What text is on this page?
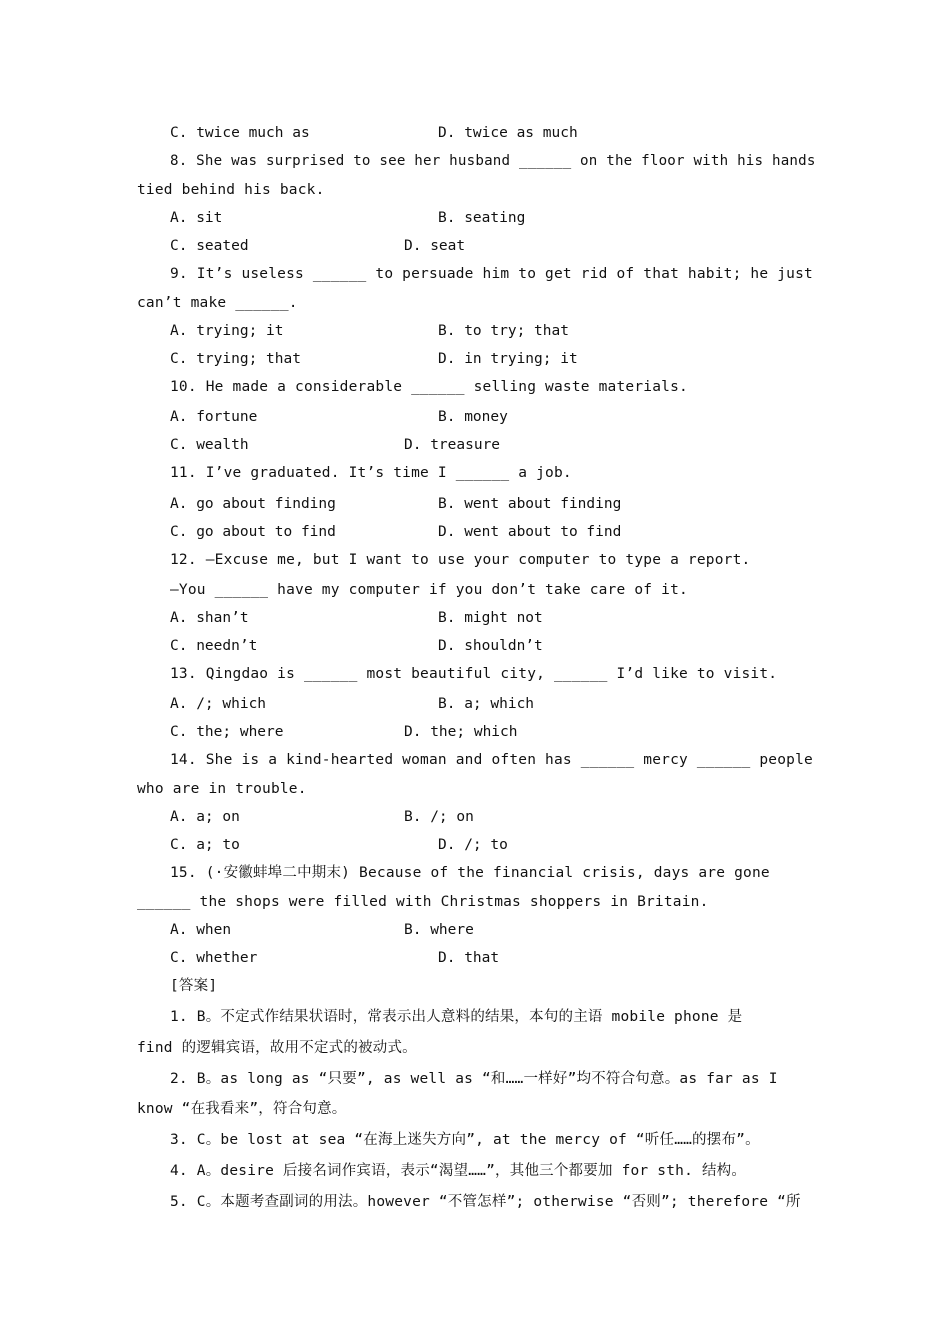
C. twice much as	D. twice as much
8. She was surprised to see her husband ______ on the floor with his hands
tied behind his back.
A. sit	B. seating
C. seated	D. seat
9. It’s useless ______ to persuade him to get rid of that habit; he just
can’t make ______.
A. trying; it	B. to try; that
C. trying; that	D. in trying; it
10. He made a considerable ______ selling waste materials.
A. fortune	B. money
C. wealth	D. treasure
11. I’ve graduated. It’s time I ______ a job.
A. go about finding	B. went about finding
C. go about to find	D. went about to find
12. —Excuse me, but I want to use your computer to type a report.
—You ______ have my computer if you don’t take care of it.
A. shan’t	B. might not
C. needn’t	D. shouldn’t
13. Qingdao is ______ most beautiful city, ______ I’d like to visit.
A. /; which	B. a; which
C. the; where	D. the; which
14. She is a kind-hearted woman and often has ______ mercy ______ people
who are in trouble.
A. a; on	B. /; on
C. a; to	D. /; to
15. (·安徽蚌埠二中期末) Because of the financial crisis, days are gone
______ the shops were filled with Christmas shoppers in Britain.
A. when	B. where
C. whether	D. that
[答案]
1. B。不定式作结果状语时，常表示出人意料的结果，本句的主语 mobile phone 是
find 的逻辑宾语，故用不定式的被动式。
2. B。as long as “只要”, as well as “和……一样好”均不符合句意。as far as I
know “在我看来”，符合句意。
3. C。be lost at sea “在海上迷失方向”, at the mercy of “听任……的摆布”。
4. A。desire 后接名词作宾语，表示“渴望……”，其他三个都要加 for sth. 结构。
5. C。本题考查副词的用法。however “不管怎样”; otherwise “否则”; therefore “所
